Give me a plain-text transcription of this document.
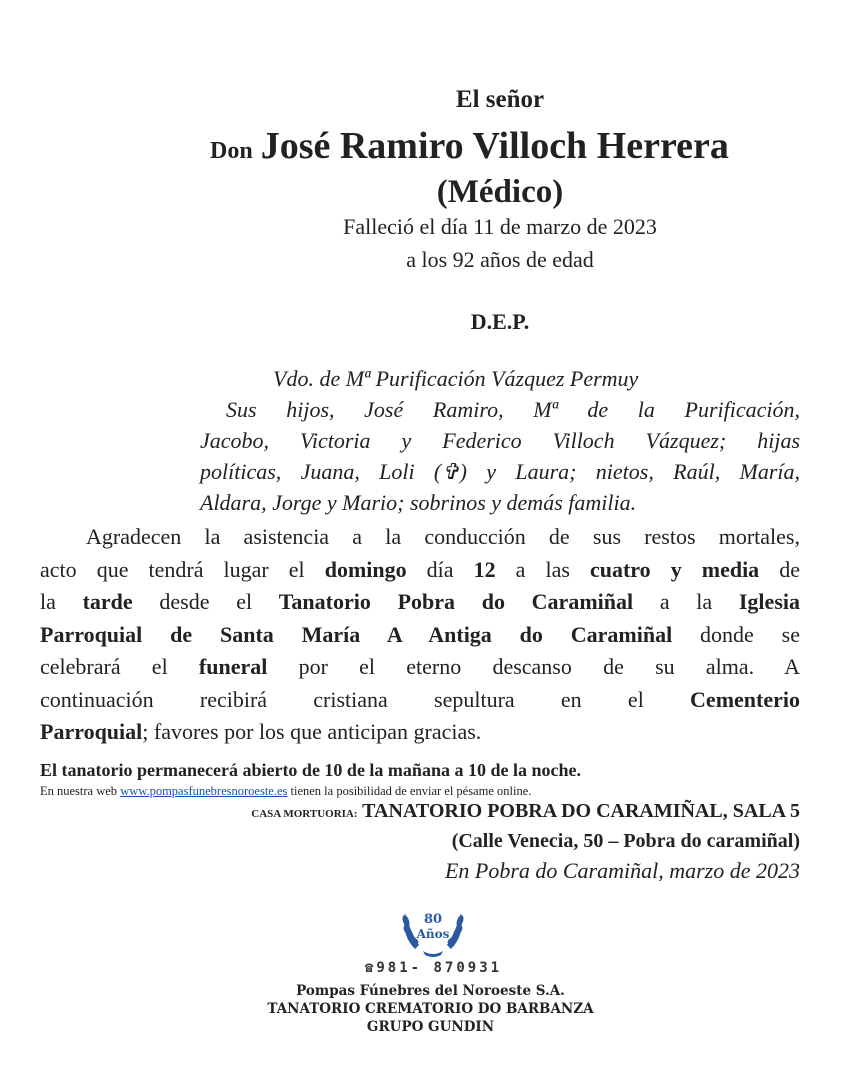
El señor
Don José Ramiro Villoch Herrera
(Médico)
Falleció el día 11 de marzo de 2023
a los 92 años de edad
D.E.P.
Vdo. de Mª Purificación Vázquez Permuy
Sus hijos, José Ramiro, Mª de la Purificación,
Jacobo, Victoria y Federico Villoch Vázquez; hijas
políticas, Juana, Loli (✞) y Laura; nietos, Raúl, María,
Aldara, Jorge y Mario; sobrinos y demás familia.
Agradecen la asistencia a la conducción de sus restos mortales,
acto que tendrá lugar el domingo día 12 a las cuatro y media de
la tarde desde el Tanatorio Pobra do Caramiñal a la Iglesia
Parroquial de Santa María A Antiga do Caramiñal donde se
celebrará el funeral por el eterno descanso de su alma. A
continuación recibirá cristiana sepultura en el Cementerio
Parroquial; favores por los que anticipan gracias.
El tanatorio permanecerá abierto de 10 de la mañana a 10 de la noche.
En nuestra web www.pompasfunebresnoroeste.es tienen la posibilidad de enviar el pésame online.
CASA MORTUORIA: TANATORIO POBRA DO CARAMIÑAL, SALA 5
(Calle Venecia, 50 – Pobra do caramiñal)
En Pobra do Caramiñal, marzo de 2023
80
Años
☎981- 870931
Pompas Fúnebres del Noroeste S.A.
TANATORIO CREMATORIO DO BARBANZA
GRUPO GUNDIN
